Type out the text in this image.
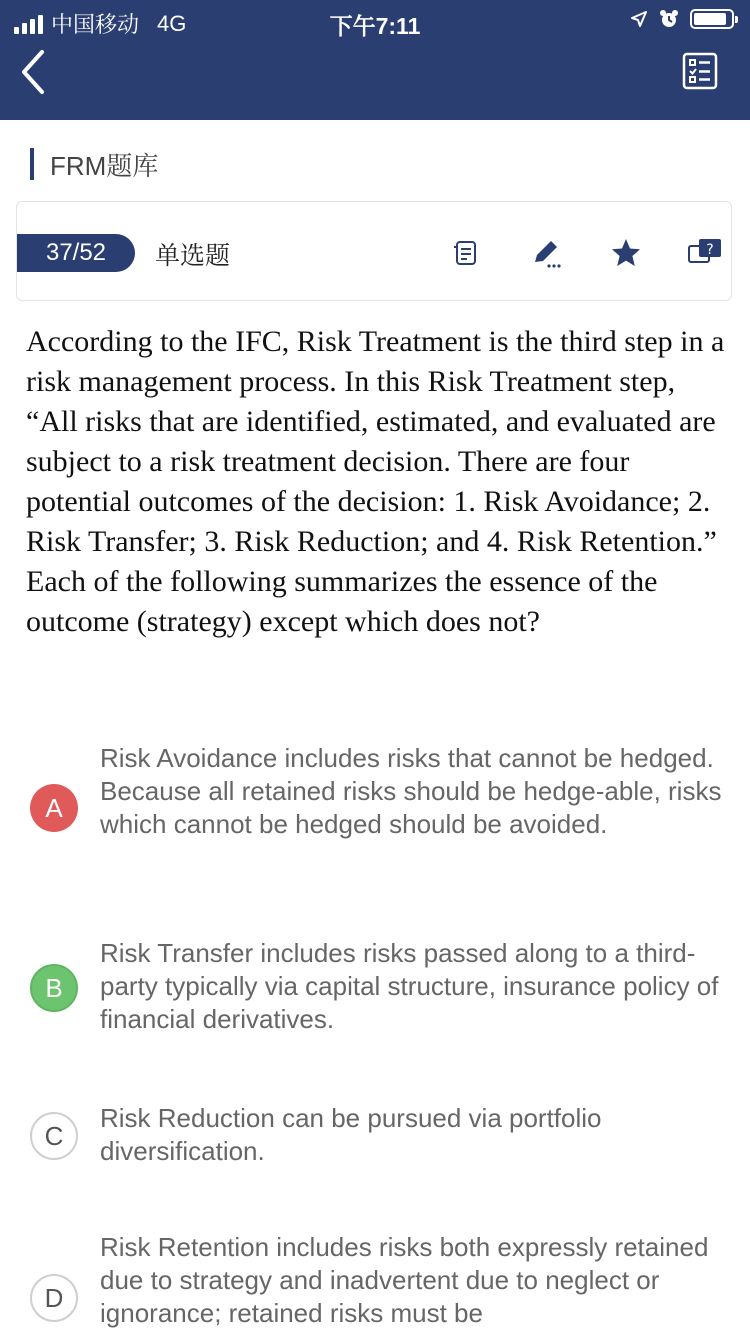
中国移动 4G	下午7:11
FRM题库
37/52	单选题	?

According to the IFC, Risk Treatment is the third step in a risk management process. In this Risk Treatment step, “All risks that are identified, estimated, and evaluated are subject to a risk treatment decision. There are four potential outcomes of the decision: 1. Risk Avoidance; 2. Risk Transfer; 3. Risk Reduction; and 4. Risk Retention.” Each of the following summarizes the essence of the outcome (strategy) except which does not?

A

Risk Avoidance includes risks that cannot be hedged. Because all retained risks should be hedge-able, risks which cannot be hedged should be avoided.

B

Risk Transfer includes risks passed along to a third-party typically via capital structure, insurance policy of financial derivatives.

C

Risk Reduction can be pursued via portfolio diversification.

D

Risk Retention includes risks both expressly retained due to strategy and inadvertent due to neglect or ignorance; retained risks must be
